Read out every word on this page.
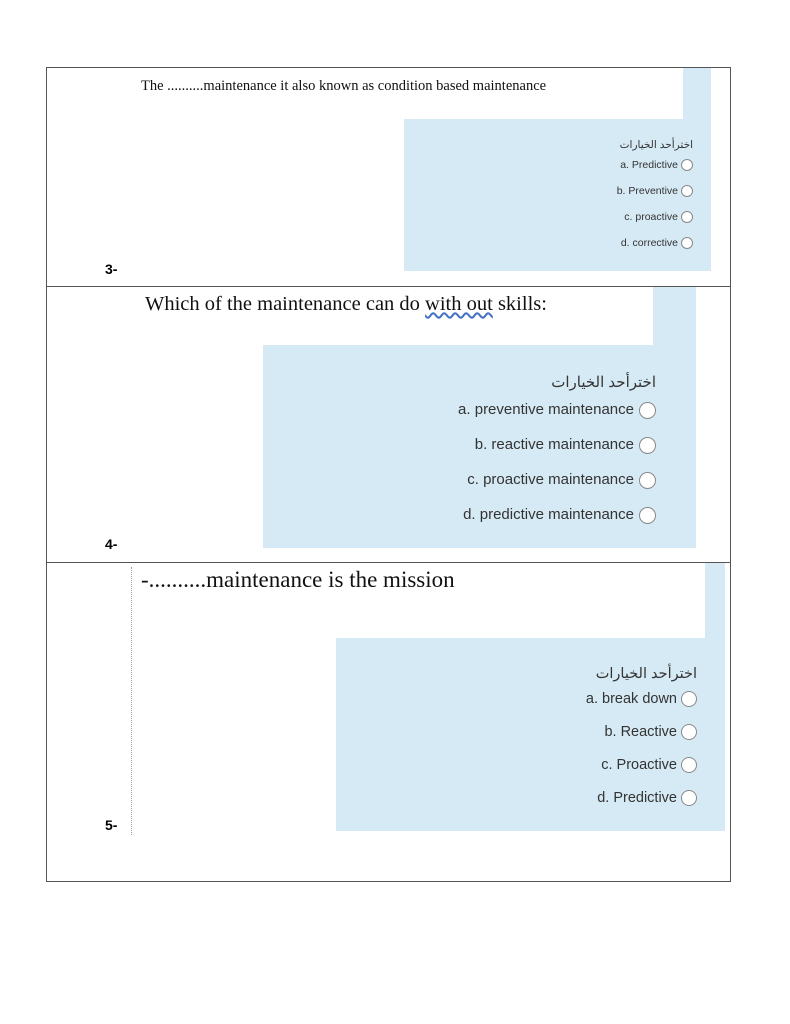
The ..........maintenance it also known as condition based maintenance
اخترأحد الخيارات
a. Predictive
b. Preventive
c. proactive
d. corrective
3-
Which of the maintenance can do with out skills:
اخترأحد الخيارات
a. preventive maintenance
b. reactive maintenance
c. proactive maintenance
d. predictive maintenance
4-
-..........maintenance is the mission
اخترأحد الخيارات
a. break down
b. Reactive
c. Proactive
d. Predictive
5-
